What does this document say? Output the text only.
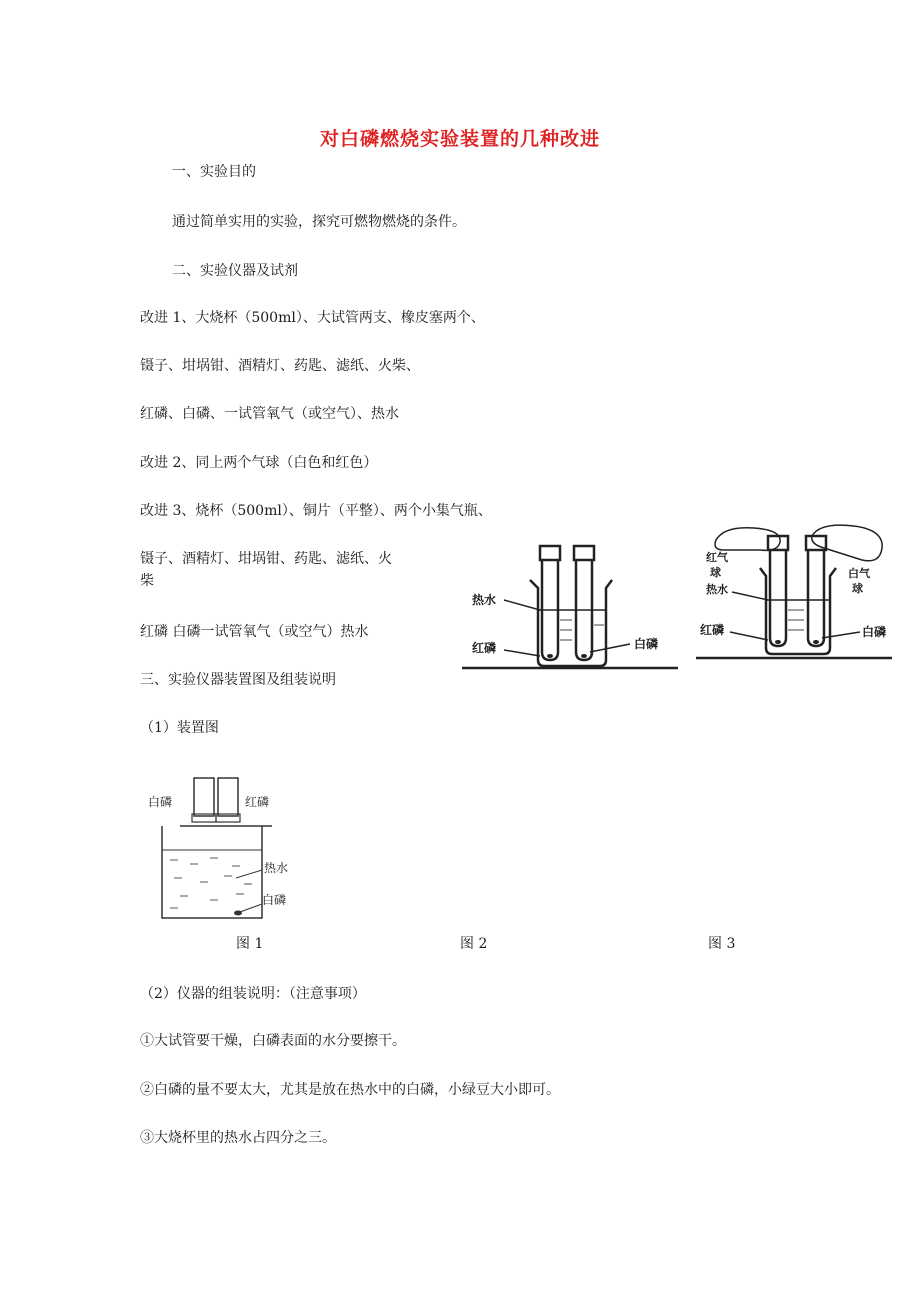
对白磷燃烧实验装置的几种改进
一、实验目的
通过简单实用的实验，探究可燃物燃烧的条件。
二、实验仪器及试剂
改进 1、大烧杯（500ml）、大试管两支、橡皮塞两个、
镊子、坩埚钳、酒精灯、药匙、滤纸、火柴、
红磷、白磷、一试管氧气（或空气）、热水
改进 2、同上两个气球（白色和红色）
改进 3、烧杯（500ml）、铜片（平整）、两个小集气瓶、
镊子、酒精灯、坩埚钳、药匙、滤纸、火
柴
红磷 白磷一试管氧气（或空气）热水
三、实验仪器装置图及组装说明
（1）装置图
白磷	红磷
热水
白磷
热水
红磷	白磷
红气
球
热水
红磷
白气
球
白磷
图 1	图 2	图 3
（2）仪器的组装说明：（注意事项）
①大试管要干燥，白磷表面的水分要擦干。
②白磷的量不要太大，尤其是放在热水中的白磷，小绿豆大小即可。
③大烧杯里的热水占四分之三。
